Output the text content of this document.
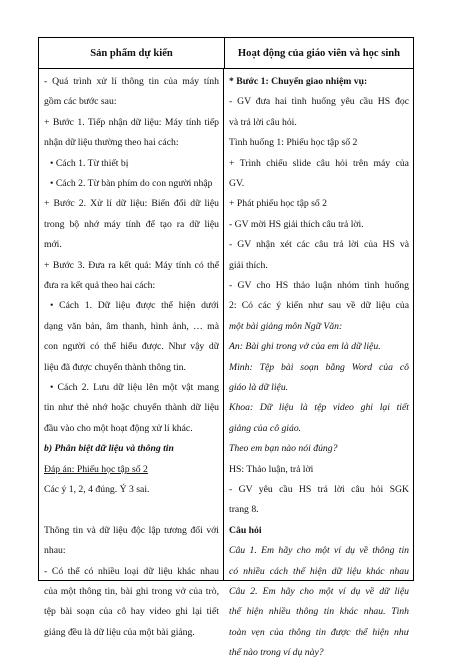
Sản phẩm dự kiến	Hoạt động của giáo viên và học sinh
- Quá trình xử lí thông tin của máy tính
gồm các bước sau:
+ Bước 1. Tiếp nhận dữ liệu: Máy tính tiếp
nhận dữ liệu thường theo hai cách:
• Cách 1. Từ thiết bị
• Cách 2. Từ bàn phím do con người nhập
+ Bước 2. Xử lí dữ liệu: Biến đổi dữ liệu
trong bộ nhớ máy tính để tạo ra dữ liệu
mới.
+ Bước 3. Đưa ra kết quả: Máy tính có thể
đưa ra kết quả theo hai cách:
• Cách 1. Dữ liệu được thể hiện dưới
dạng văn bản, âm thanh, hình ảnh, … mà
con người có thể hiểu được. Như vậy dữ
liệu đã được chuyển thành thông tin.
• Cách 2. Lưu dữ liệu lên một vật mang
tin như thẻ nhớ hoặc chuyển thành dữ liệu
đầu vào cho một hoạt động xử lí khác.
b) Phân biệt dữ liệu và thông tin
Đáp án: Phiếu học tập số 2
Các ý 1, 2, 4 đúng. Ý 3 sai.
Thông tin và dữ liệu độc lập tương đối với
nhau:
- Có thể có nhiều loại dữ liệu khác nhau
của một thông tin, bài ghi trong vở của trò,
tệp bài soạn của cô hay video ghi lại tiết
giảng đều là dữ liệu của một bài giảng.
* Bước 1: Chuyển giao nhiệm vụ:
- GV đưa hai tình huống yêu cầu HS đọc
và trả lời câu hỏi.
Tình huống 1: Phiếu học tập số 2
+ Trình chiếu slide câu hỏi trên máy của
GV.
+ Phát phiếu học tập số 2
- GV mời HS giải thích câu trả lời.
- GV nhận xét các câu trả lời của HS và
giải thích.
- GV cho HS thảo luận nhóm tình huống
2: Có các ý kiến như sau về dữ liệu của
một bài giảng môn Ngữ Văn:
An: Bài ghi trong vở của em là dữ liệu.
Minh: Tệp bài soạn bằng Word của cô
giáo là dữ liệu.
Khoa: Dữ liệu là tệp video ghi lại tiết
giảng của cô giáo.
Theo em bạn nào nói đúng?
HS: Thảo luận, trả lời
- GV yêu cầu HS trả lời câu hỏi SGK
trang 8.
Câu hỏi
Câu 1. Em hãy cho một ví dụ về thông tin
có nhiều cách thể hiện dữ liệu khác nhau
Câu 2. Em hãy cho một ví dụ về dữ liệu
thể hiện nhiều thông tin khác nhau. Tình
toàn vẹn của thông tin được thể hiện như
thế nào trong ví dụ này?
